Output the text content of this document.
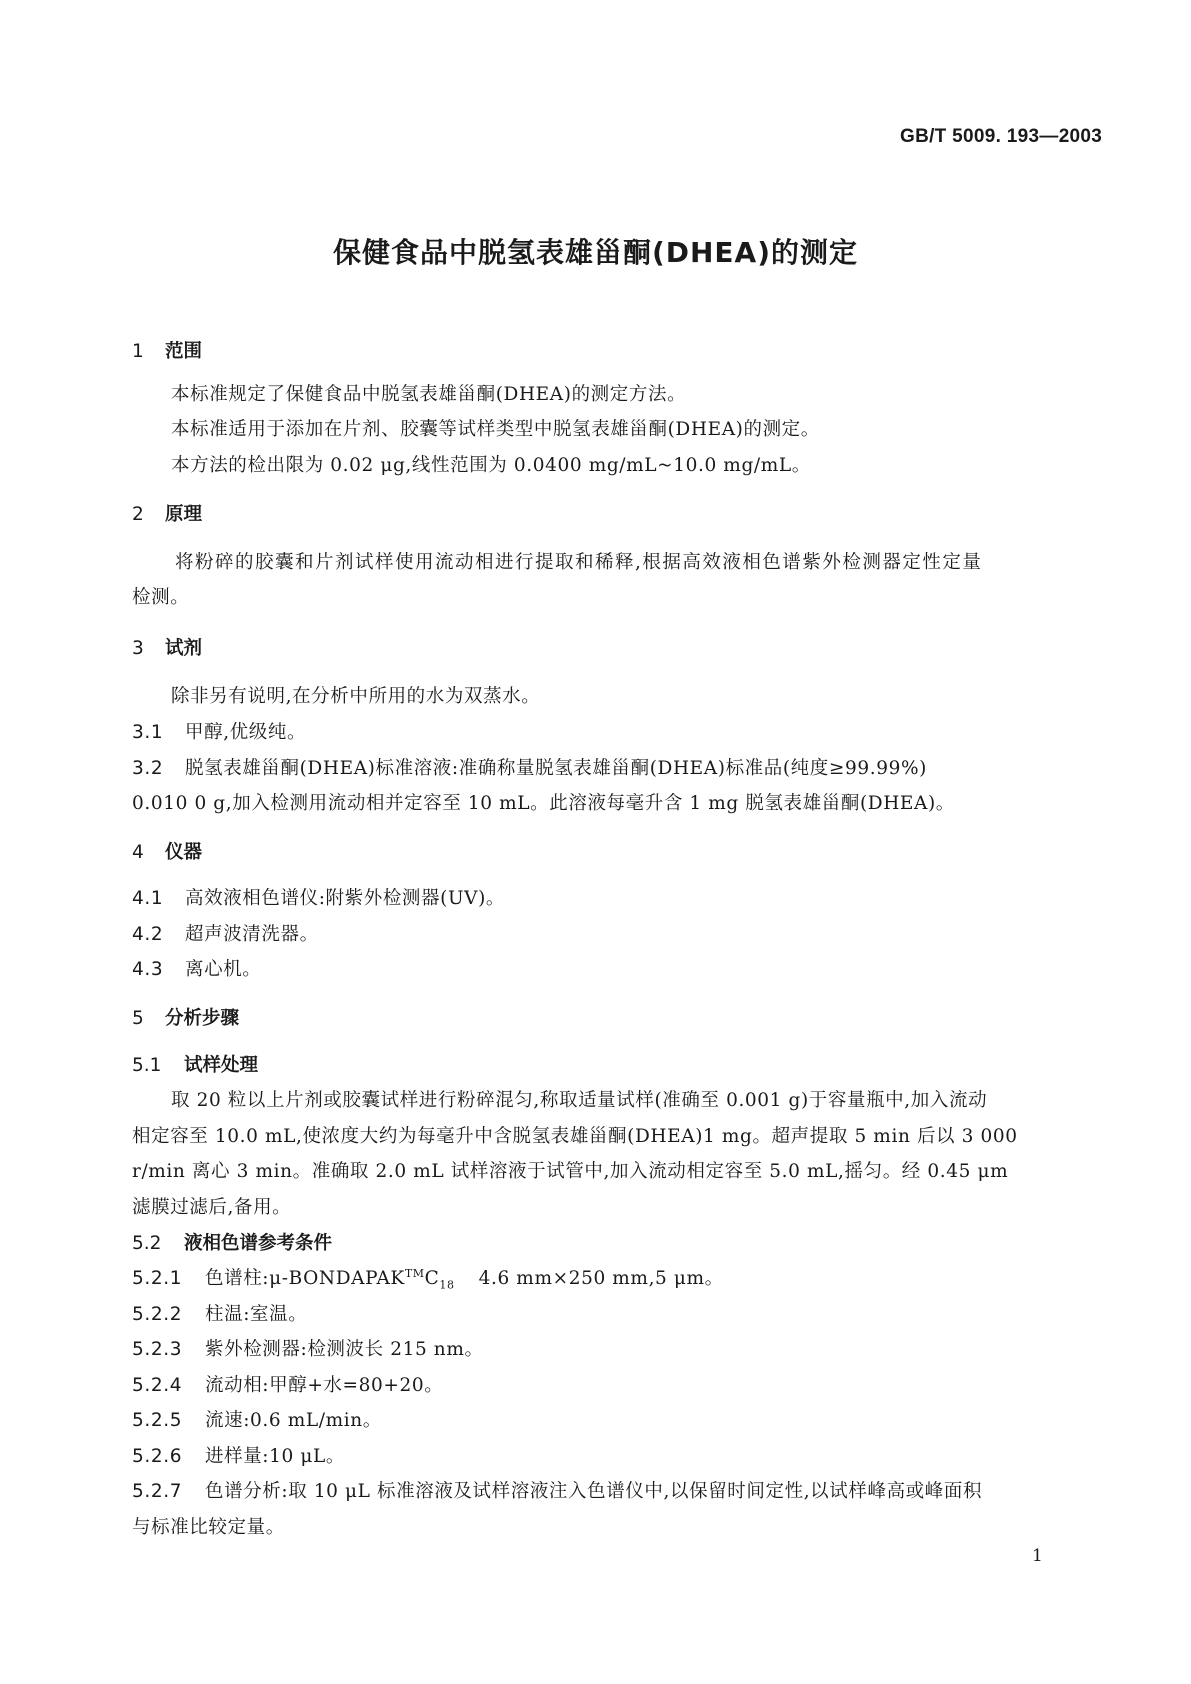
GB/T 5009. 193—2003
保健食品中脱氢表雄甾酮(DHEA)的测定
1 范围
本标准规定了保健食品中脱氢表雄甾酮(DHEA)的测定方法。
本标准适用于添加在片剂、胶囊等试样类型中脱氢表雄甾酮(DHEA)的测定。
本方法的检出限为 0.02 μg,线性范围为 0.0400 mg/mL~10.0 mg/mL。
2 原理
将粉碎的胶囊和片剂试样使用流动相进行提取和稀释,根据高效液相色谱紫外检测器定性定量
检测。
3 试剂
除非另有说明,在分析中所用的水为双蒸水。
3.1 甲醇,优级纯。
3.2 脱氢表雄甾酮(DHEA)标准溶液:准确称量脱氢表雄甾酮(DHEA)标准品(纯度≥99.99%)
0.010 0 g,加入检测用流动相并定容至 10 mL。此溶液每毫升含 1 mg 脱氢表雄甾酮(DHEA)。
4 仪器
4.1 高效液相色谱仪:附紫外检测器(UV)。
4.2 超声波清洗器。
4.3 离心机。
5 分析步骤
5.1 试样处理
取 20 粒以上片剂或胶囊试样进行粉碎混匀,称取适量试样(准确至 0.001 g)于容量瓶中,加入流动
相定容至 10.0 mL,使浓度大约为每毫升中含脱氢表雄甾酮(DHEA)1 mg。超声提取 5 min 后以 3 000
r/min 离心 3 min。准确取 2.0 mL 试样溶液于试管中,加入流动相定容至 5.0 mL,摇匀。经 0.45 μm
滤膜过滤后,备用。
5.2 液相色谱参考条件
5.2.1 色谱柱$:\mu-BONDAPAK™C_{18}$ 4.6 mm×250 mm,5 μm。
5.2.2 柱温:室温。
5.2.3 紫外检测器:检测波长 215 nm。
5.2.4 流动相:甲醇+水=80+20。
5.2.5 流速:0.6 mL/min。
5.2.6 进样量:10 μL。
5.2.7 色谱分析:取 10 μL 标准溶液及试样溶液注入色谱仪中,以保留时间定性,以试样峰高或峰面积
与标准比较定量。
1
